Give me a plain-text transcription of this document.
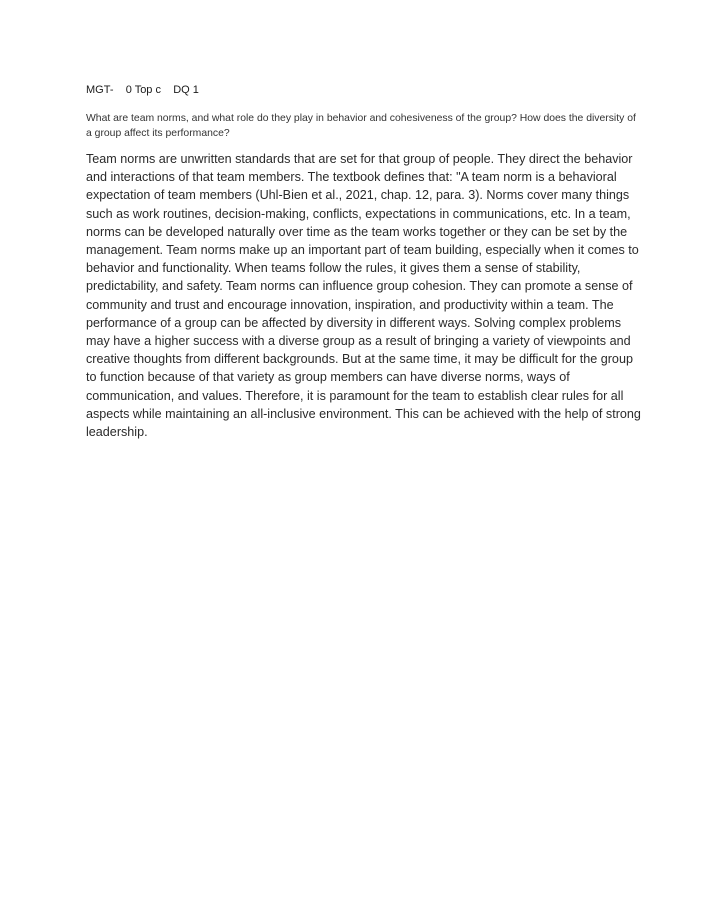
MGT-    0 Top c    DQ 1

What are team norms, and what role do they play in behavior and cohesiveness of the group? How does the diversity of a group affect its performance?

Team norms are unwritten standards that are set for that group of people. They direct the behavior and interactions of that team members. The textbook defines that: "A team norm is a behavioral expectation of team members (Uhl-Bien et al., 2021, chap. 12, para. 3). Norms cover many things such as work routines, decision-making, conflicts, expectations in communications, etc. In a team, norms can be developed naturally over time as the team works together or they can be set by the management. Team norms make up an important part of team building, especially when it comes to behavior and functionality. When teams follow the rules, it gives them a sense of stability, predictability, and safety. Team norms can influence group cohesion. They can promote a sense of community and trust and encourage innovation, inspiration, and productivity within a team. The performance of a group can be affected by diversity in different ways. Solving complex problems may have a higher success with a diverse group as a result of bringing a variety of viewpoints and creative thoughts from different backgrounds. But at the same time, it may be difficult for the group to function because of that variety as group members can have diverse norms, ways of communication, and values. Therefore, it is paramount for the team to establish clear rules for all aspects while maintaining an all-inclusive environment. This can be achieved with the help of strong leadership.
